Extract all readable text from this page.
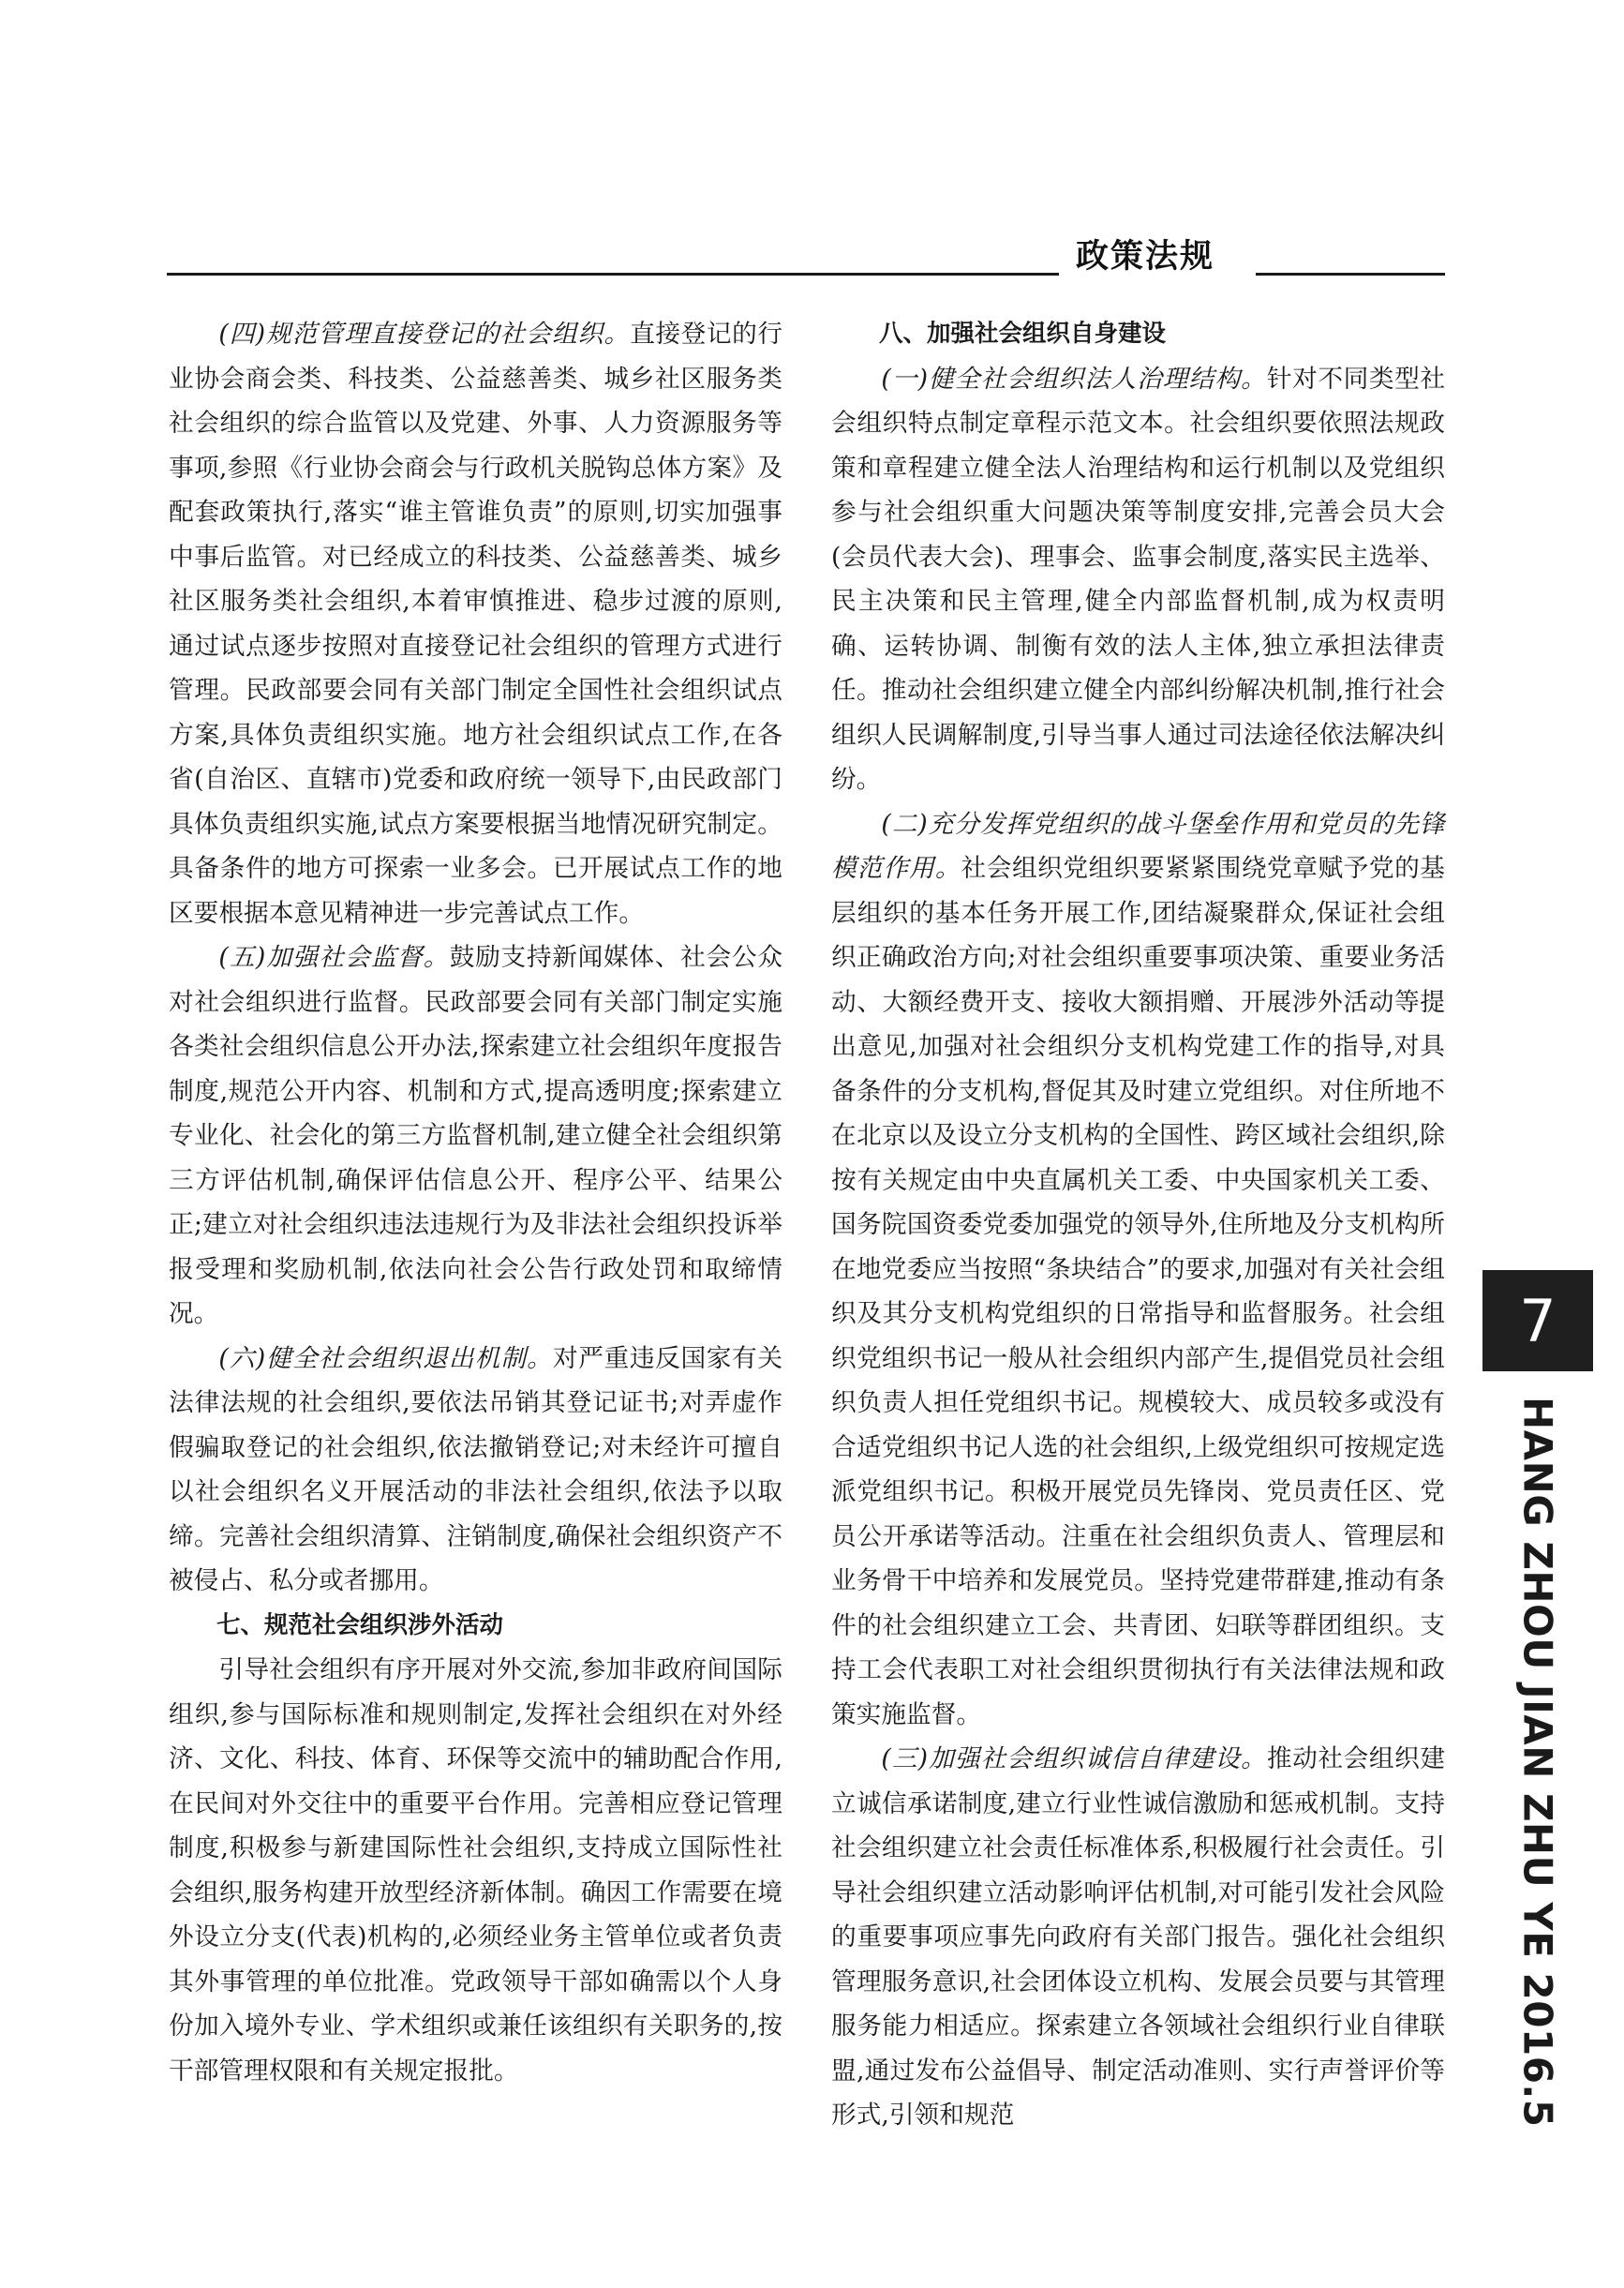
政策法规

(四)规范管理直接登记的社会组织。直接登记的行业协会商会类、科技类、公益慈善类、城乡社区服务类社会组织的综合监管以及党建、外事、人力资源服务等事项,参照《行业协会商会与行政机关脱钩总体方案》及配套政策执行,落实“谁主管谁负责”的原则,切实加强事中事后监管。对已经成立的科技类、公益慈善类、城乡社区服务类社会组织,本着审慎推进、稳步过渡的原则,通过试点逐步按照对直接登记社会组织的管理方式进行管理。民政部要会同有关部门制定全国性社会组织试点方案,具体负责组织实施。地方社会组织试点工作,在各省(自治区、直辖市)党委和政府统一领导下,由民政部门具体负责组织实施,试点方案要根据当地情况研究制定。具备条件的地方可探索一业多会。已开展试点工作的地区要根据本意见精神进一步完善试点工作。

(五)加强社会监督。鼓励支持新闻媒体、社会公众对社会组织进行监督。民政部要会同有关部门制定实施各类社会组织信息公开办法,探索建立社会组织年度报告制度,规范公开内容、机制和方式,提高透明度;探索建立专业化、社会化的第三方监督机制,建立健全社会组织第三方评估机制,确保评估信息公开、程序公平、结果公正;建立对社会组织违法违规行为及非法社会组织投诉举报受理和奖励机制,依法向社会公告行政处罚和取缔情况。

(六)健全社会组织退出机制。对严重违反国家有关法律法规的社会组织,要依法吊销其登记证书;对弄虚作假骗取登记的社会组织,依法撤销登记;对未经许可擅自以社会组织名义开展活动的非法社会组织,依法予以取缔。完善社会组织清算、注销制度,确保社会组织资产不被侵占、私分或者挪用。

七、规范社会组织涉外活动

引导社会组织有序开展对外交流,参加非政府间国际组织,参与国际标准和规则制定,发挥社会组织在对外经济、文化、科技、体育、环保等交流中的辅助配合作用,在民间对外交往中的重要平台作用。完善相应登记管理制度,积极参与新建国际性社会组织,支持成立国际性社会组织,服务构建开放型经济新体制。确因工作需要在境外设立分支(代表)机构的,必须经业务主管单位或者负责其外事管理的单位批准。党政领导干部如确需以个人身份加入境外专业、学术组织或兼任该组织有关职务的,按干部管理权限和有关规定报批。

八、加强社会组织自身建设

(一)健全社会组织法人治理结构。针对不同类型社会组织特点制定章程示范文本。社会组织要依照法规政策和章程建立健全法人治理结构和运行机制以及党组织参与社会组织重大问题决策等制度安排,完善会员大会(会员代表大会)、理事会、监事会制度,落实民主选举、民主决策和民主管理,健全内部监督机制,成为权责明确、运转协调、制衡有效的法人主体,独立承担法律责任。推动社会组织建立健全内部纠纷解决机制,推行社会组织人民调解制度,引导当事人通过司法途径依法解决纠纷。

(二)充分发挥党组织的战斗堡垒作用和党员的先锋模范作用。社会组织党组织要紧紧围绕党章赋予党的基层组织的基本任务开展工作,团结凝聚群众,保证社会组织正确政治方向;对社会组织重要事项决策、重要业务活动、大额经费开支、接收大额捐赠、开展涉外活动等提出意见,加强对社会组织分支机构党建工作的指导,对具备条件的分支机构,督促其及时建立党组织。对住所地不在北京以及设立分支机构的全国性、跨区域社会组织,除按有关规定由中央直属机关工委、中央国家机关工委、国务院国资委党委加强党的领导外,住所地及分支机构所在地党委应当按照“条块结合”的要求,加强对有关社会组织及其分支机构党组织的日常指导和监督服务。社会组织党组织书记一般从社会组织内部产生,提倡党员社会组织负责人担任党组织书记。规模较大、成员较多或没有合适党组织书记人选的社会组织,上级党组织可按规定选派党组织书记。积极开展党员先锋岗、党员责任区、党员公开承诺等活动。注重在社会组织负责人、管理层和业务骨干中培养和发展党员。坚持党建带群建,推动有条件的社会组织建立工会、共青团、妇联等群团组织。支持工会代表职工对社会组织贯彻执行有关法律法规和政策实施监督。

(三)加强社会组织诚信自律建设。推动社会组织建立诚信承诺制度,建立行业性诚信激励和惩戒机制。支持社会组织建立社会责任标准体系,积极履行社会责任。引导社会组织建立活动影响评估机制,对可能引发社会风险的重要事项应事先向政府有关部门报告。强化社会组织管理服务意识,社会团体设立机构、发展会员要与其管理服务能力相适应。探索建立各领域社会组织行业自律联盟,通过发布公益倡导、制定活动准则、实行声誉评价等形式,引领和规范

7
HANG ZHOU JIAN ZHU YE 2016.5
